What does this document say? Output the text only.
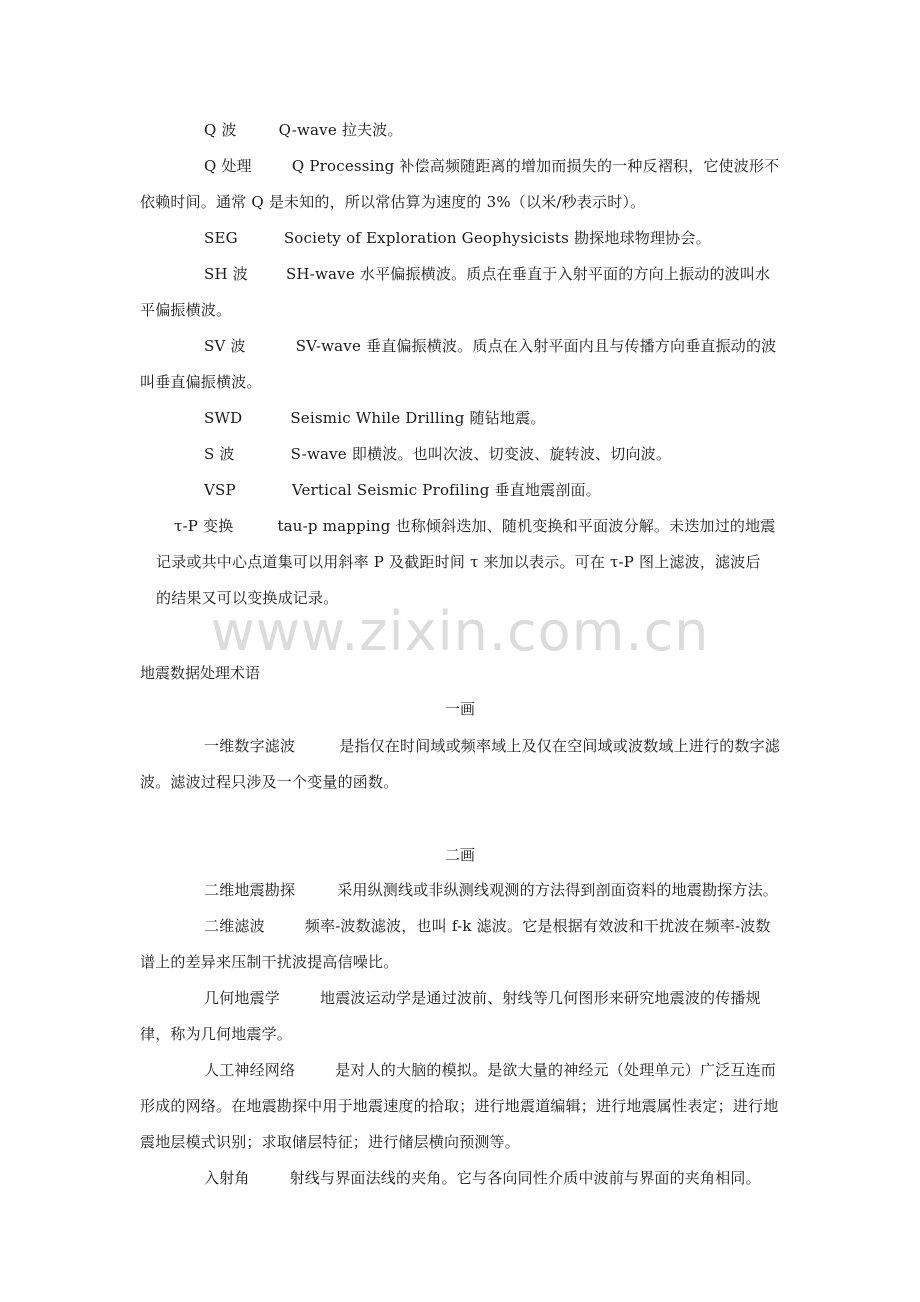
Q 波	Q-wave 拉夫波。
Q 处理	Q Processing 补偿高频随距离的增加而损失的一种反褶积，它使波形不依赖时间。通常 Q 是未知的，所以常估算为速度的 3%（以米/秒表示时）。
SEG	Society of Exploration Geophysicists 勘探地球物理协会。
SH 波	SH-wave 水平偏振横波。质点在垂直于入射平面的方向上振动的波叫水平偏振横波。
SV 波	SV-wave 垂直偏振横波。质点在入射平面内且与传播方向垂直振动的波叫垂直偏振横波。
SWD	Seismic While Drilling 随钻地震。
S 波	S-wave 即横波。也叫次波、切变波、旋转波、切向波。
VSP	Vertical Seismic Profiling 垂直地震剖面。
τ-P 变换	tau-p mapping 也称倾斜迭加、随机变换和平面波分解。未迭加过的地震
记录或共中心点道集可以用斜率 P 及截距时间 τ 来加以表示。可在 τ-P 图上滤波，滤波后
的结果又可以变换成记录。
www.zixin.com.cn
地震数据处理术语
一画
一维数字滤波	是指仅在时间域或频率域上及仅在空间域或波数域上进行的数字滤波。滤波过程只涉及一个变量的函数。
二画
二维地震勘探	采用纵测线或非纵测线观测的方法得到剖面资料的地震勘探方法。
二维滤波	频率-波数滤波，也叫 f-k 滤波。它是根据有效波和干扰波在频率-波数谱上的差异来压制干扰波提高信噪比。
几何地震学	地震波运动学是通过波前、射线等几何图形来研究地震波的传播规律，称为几何地震学。
人工神经网络	是对人的大脑的模拟。是欲大量的神经元（处理单元）广泛互连而形成的网络。在地震勘探中用于地震速度的拾取；进行地震道编辑；进行地震属性表定；进行地震地层模式识别；求取储层特征；进行储层横向预测等。
入射角	射线与界面法线的夹角。它与各向同性介质中波前与界面的夹角相同。
